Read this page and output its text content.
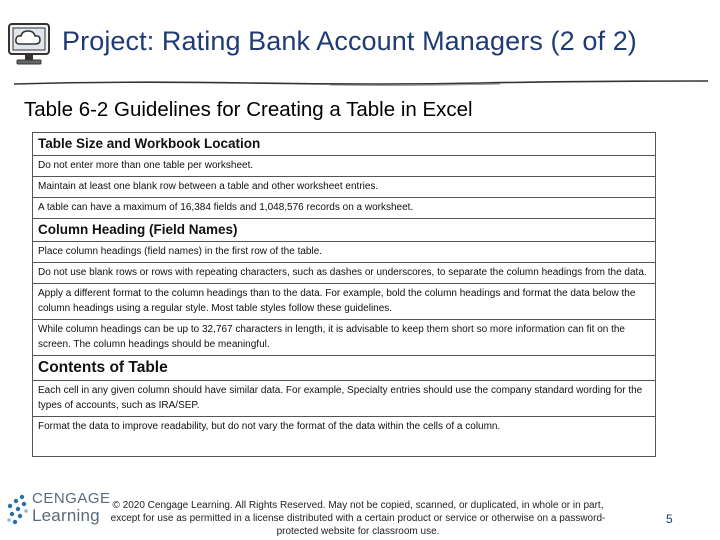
Project: Rating Bank Account Managers (2 of 2)
Table 6-2 Guidelines for Creating a Table in Excel
Table Size and Workbook Location
Do not enter more than one table per worksheet.
Maintain at least one blank row between a table and other worksheet entries.
A table can have a maximum of 16,384 fields and 1,048,576 records on a worksheet.
Column Heading (Field Names)
Place column headings (field names) in the first row of the table.
Do not use blank rows or rows with repeating characters, such as dashes or underscores, to separate the column headings from the data.
Apply a different format to the column headings than to the data. For example, bold the column headings and format the data below the column headings using a regular style. Most table styles follow these guidelines.
While column headings can be up to 32,767 characters in length, it is advisable to keep them short so more information can fit on the screen. The column headings should be meaningful.
Contents of Table
Each cell in any given column should have similar data. For example, Specialty entries should use the company standard wording for the types of accounts, such as IRA/SEP.
Format the data to improve readability, but do not vary the format of the data within the cells of a column.
CENGAGE
Learning
© 2020 Cengage Learning. All Rights Reserved. May not be copied, scanned, or duplicated, in whole or in part, except for use as permitted in a license distributed with a certain product or service or otherwise on a password-protected website for classroom use.
5
